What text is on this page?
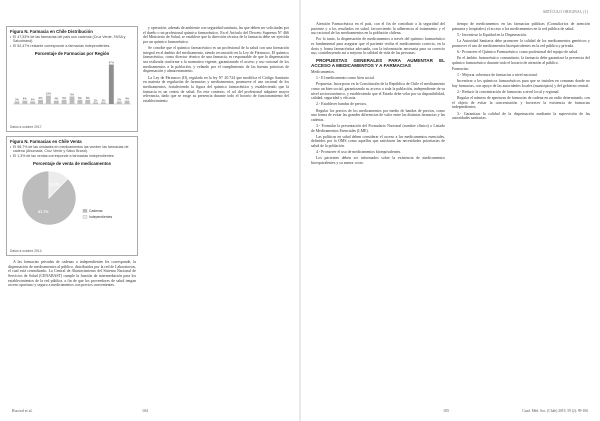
Figura N. Farmacia en Chile Distribución
• El 47,53% de las farmacias del país son cadenas (Cruz Verde, FASA y Salcobrand).
• El 52,47% restante corresponde a farmacias independientes.
Porcentaje de Farmacias por Región
3% 4% 3%
5%
10%
4% 5%
9%
5% 5%
2% 2%
47%
3% 4%
Datos a octubre 2017
Figura N. Farmacias en Chile Venta
• El 98,7% de las unidades en medicamentos las venden las farmacias de cadena (Ahumada, Cruz Verde y Salco Brand).
• El 1,3% de las ventas corresponde a farmacias independientes.
Porcentaje de venta de medicamentos
87.7%
12.3%
Cadenas
Independientes
Datos a octubre 2014

A las farmacias privadas de cadenas o independientes les corresponde, la dispensación de medicamentos al público, distribuidos por la red de Laboratorios, el cual está centralizado. La Central de Abastecimiento del Sistema Nacional de Servicios de Salud (CENABAST) cumple la función de intermediación para los establecimientos de la red pública, a fin de que los proveedores de salud tengan acceso oportuno y seguro a medicamentos con precios convenientes.

y operación, además de ambiente con seguridad sanitaria, las que deben ser solicitadas por el dueño o un profesional químico farmacéutico. En el Artículo del Decreto Supremo N° 466 del Ministerio de Salud, se establece que la dirección técnica de la farmacia debe ser ejercida por un químico farmacéutico.

Se concibe que el químico farmacéutico es un profesional de la salud con una formación integral en el ámbito del medicamento, siendo reconocido en la Ley de Fármacos. El químico farmacéutico, como director técnico de una farmacia, es responsable de que la dispensación sea realizada conforme a la normativa vigente, garantizando el acceso y uso racional de los medicamentos a la población, y velando por el cumplimiento de las buenas prácticas de dispensación y almacenamiento.

La Ley de Fármacos (II), regulada en la ley N° 20.724 que modifica el Código Sanitario en materia de regulación de farmacias y medicamentos, promueve el uso racional de los medicamentos, fortaleciendo la figura del químico farmacéutico y estableciendo que la farmacia es un centro de salud. En este contexto, el rol del profesional adquiere mayor relevancia, dado que se exige su presencia durante todo el horario de funcionamiento del establecimiento.

Rucord et al.	104
ARTÍCULO ORIGINAL (1)

Atención Farmacéutica en el país, con el fin de contribuir a la seguridad del paciente y a los resultados en salud, favoreciendo la adherencia al tratamiento y el uso racional de los medicamentos en la población chilena.

Por lo tanto, la dispensación de medicamentos a través del químico farmacéutico es fundamental para asegurar que el paciente reciba el medicamento correcto, en la dosis y forma farmacéutica adecuada, con la información necesaria para su correcto uso, contribuyendo así a mejorar la calidad de vida de las personas.

PROPUESTAS GENERALES PARA AUMENTAR EL ACCESO A MEDICAMENTOS Y A FARMACIAS

Medicamentos.

1.- El medicamento como bien social.

Propuesta: Incorporar en la Constitución de la República de Chile el medicamento como un bien social, garantizando su acceso a toda la población, independiente de su nivel socioeconómico, y estableciendo que el Estado debe velar por su disponibilidad, calidad, seguridad y eficacia.

2.- Establecer bandas de precios.

Regular los precios de los medicamentos por medio de bandas de precios, como una forma de evitar las grandes diferencias de valor entre las distintas farmacias y las cadenas.

3.- Formular la presentación del Formulario Nacional (nombre clínico) o Listado de Medicamentos Esenciales (LME).

Las políticas en salud deben considerar el acceso a los medicamentos esenciales, definidos por la OMS como aquellos que satisfacen las necesidades prioritarias de salud de la población.

4.- Promover el uso de medicamentos bioequivalentes.

Los pacientes deben ser informados sobre la existencia de medicamentos bioequivalentes y su menor costo.

tiempo de medicamentos en las farmacias públicas (Consultorios de atención primaria y hospitales) el acceso a los medicamentos en la red pública de salud.

5.- Incentivar la Equidad en la Dispensación.

La Autoridad Sanitaria debe promover la calidad de los medicamentos genéricos y promover el uso de medicamentos bioequivalentes en la red pública y privada.

6.- Promover el Químico Farmacéutico como profesional del equipo de salud.

En el ámbito farmacéutico comunitario, la farmacia debe garantizar la presencia del químico farmacéutico durante todo el horario de atención al público.

Farmacias:

1.- Mejorar cobertura de farmacias a nivel nacional.

Incentivar a los químicos farmacéuticos para que se instalen en comunas donde no hay farmacias, con apoyo de las autoridades locales (municipios) y del gobierno central.

2.- Reducir la concentración de farmacias a nivel local y regional.

Regular el número de aperturas de farmacias de cadena en un radio determinado, con el objeto de evitar la concentración y favorecer la existencia de farmacias independientes.

3.- Garantizar la calidad de la dispensación mediante la supervisión de las autoridades sanitarias.

105	Cuad. Méd. Soc. (Chile) 2019, 59 (2): 99-106
